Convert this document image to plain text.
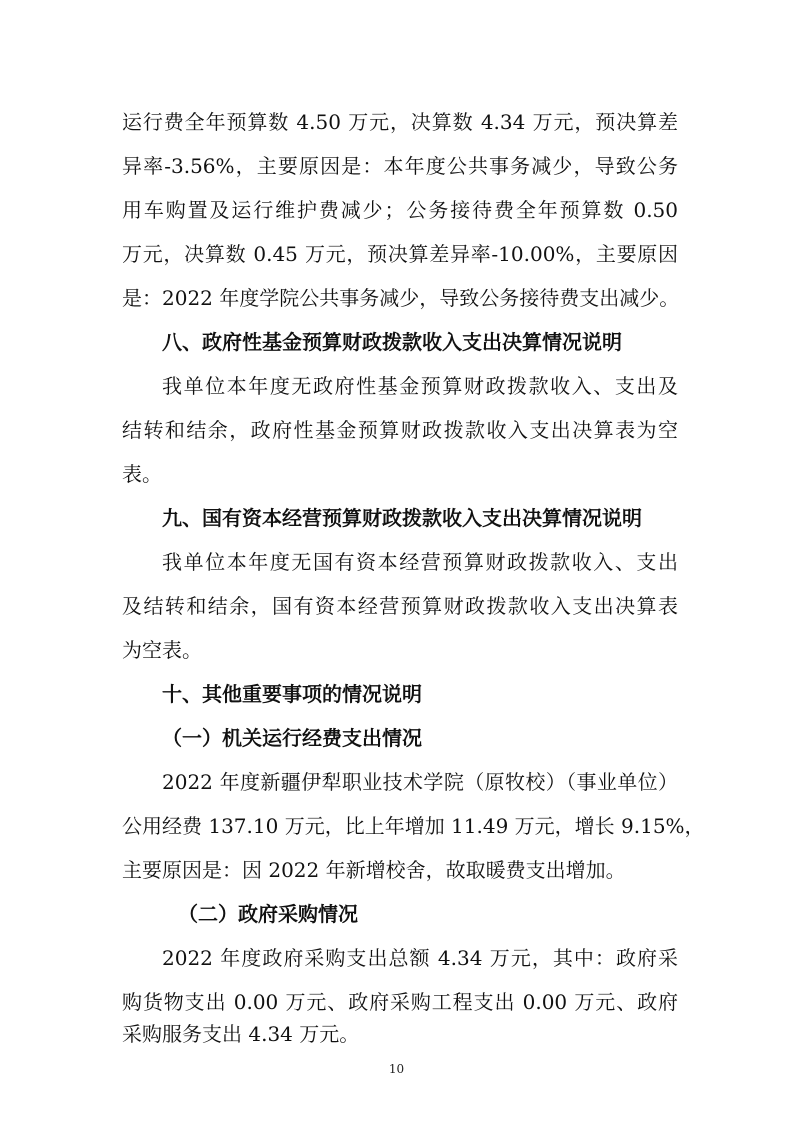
运行费全年预算数 4.50 万元，决算数 4.34 万元，预决算差
异率-3.56%，主要原因是：本年度公共事务减少，导致公务
用车购置及运行维护费减少；公务接待费全年预算数 0.50
万元，决算数 0.45 万元，预决算差异率-10.00%，主要原因
是：2022 年度学院公共事务减少，导致公务接待费支出减少。
八、政府性基金预算财政拨款收入支出决算情况说明
我单位本年度无政府性基金预算财政拨款收入、支出及
结转和结余，政府性基金预算财政拨款收入支出决算表为空
表。
九、国有资本经营预算财政拨款收入支出决算情况说明
我单位本年度无国有资本经营预算财政拨款收入、支出
及结转和结余，国有资本经营预算财政拨款收入支出决算表
为空表。
十、其他重要事项的情况说明
（一）机关运行经费支出情况
2022 年度新疆伊犁职业技术学院（原牧校）（事业单位）
公用经费 137.10 万元，比上年增加 11.49 万元，增长 9.15%，
主要原因是：因 2022 年新增校舍，故取暖费支出增加。
（二）政府采购情况
2022 年度政府采购支出总额 4.34 万元，其中：政府采
购货物支出 0.00 万元、政府采购工程支出 0.00 万元、政府
10
采购服务支出 4.34 万元。
